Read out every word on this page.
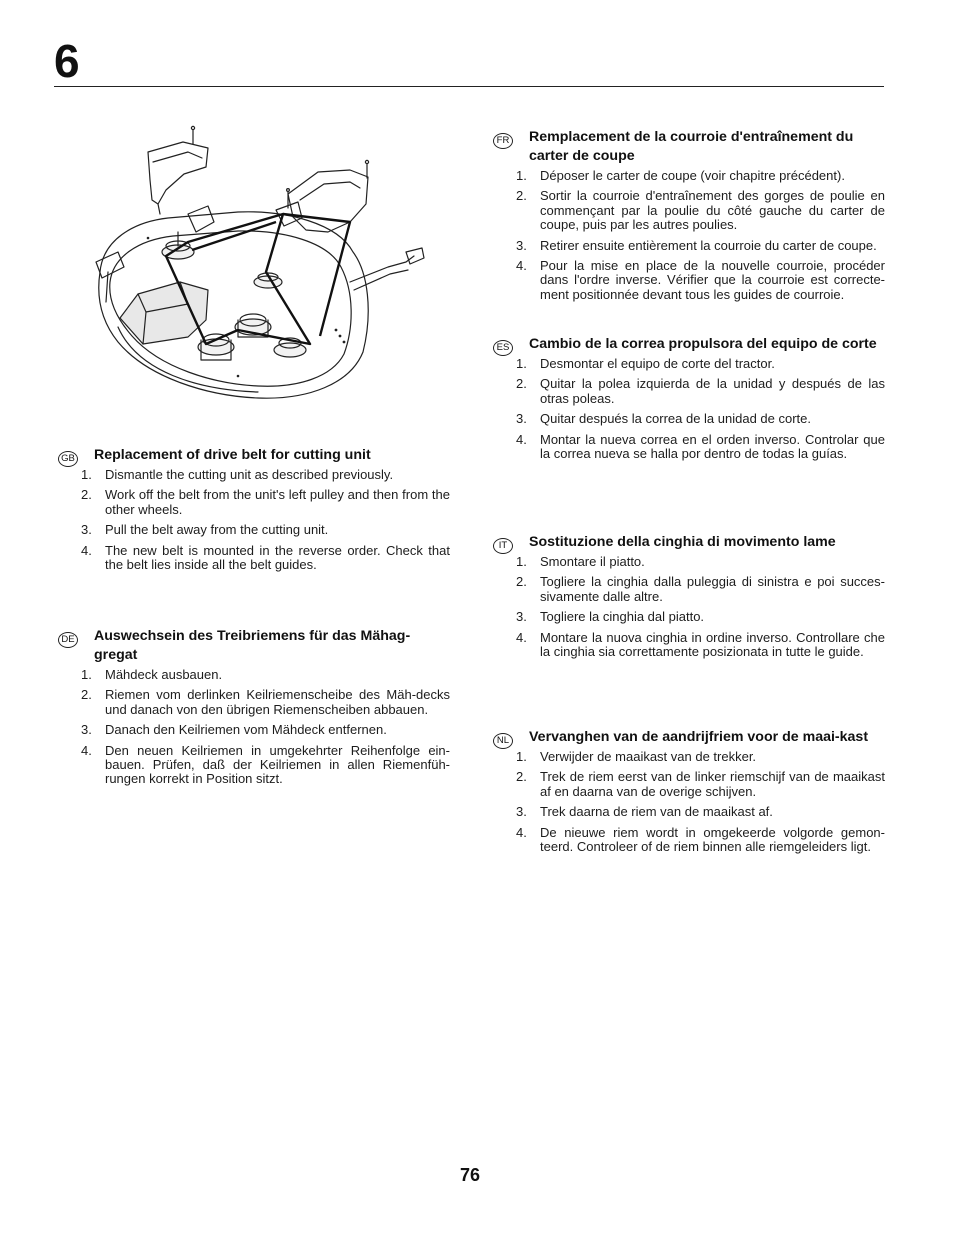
6
GB Replacement of drive belt for cutting unit

1. Dismantle the cutting unit as described previously.
2. Work off the belt from the unit's left pulley and then from the other wheels.
3. Pull the belt away from the cutting unit.
4. The new belt is mounted in the reverse order. Check that the belt lies inside all the belt guides.
DE Auswechsein des Treibriemens für das Mähag-gregat

1. Mähdeck ausbauen.
2. Riemen vom derlinken Keilriemenscheibe des Mäh-decks und danach von den übrigen Riemenscheiben abbauen.
3. Danach den Keilriemen vom Mähdeck entfernen.
4. Den neuen Keilriemen in umgekehrter Reihenfolge ein-bauen. Prüfen, daß der Keilriemen in allen Riemenfüh-rungen korrekt in Position sitzt.
FR Remplacement de la courroie d'entraînement du carter de coupe

1. Déposer le carter de coupe (voir chapitre précédent).
2. Sortir la courroie d'entraînement des gorges de poulie en commençant par la poulie du côté gauche du carter de coupe, puis par les autres poulies.
3. Retirer ensuite entièrement la courroie du carter de coupe.
4. Pour la mise en place de la nouvelle courroie, procéder dans l'ordre inverse. Vérifier que la courroie est correcte-ment positionnée devant tous les guides de courroie.
ES Cambio de la correa propulsora del equipo de corte

1. Desmontar el equipo de corte del tractor.
2. Quitar la polea izquierda de la unidad y después de las otras poleas.
3. Quitar después la correa de la unidad de corte.
4. Montar la nueva correa en el orden inverso. Controlar que la correa nueva se halla por dentro de todas la guías.
IT	Sostituzione della cinghia di movimento lame

1. Smontare il piatto.
2. Togliere la cinghia dalla puleggia di sinistra e poi succes-sivamente dalle altre.
3. Togliere la cinghia dal piatto.
4. Montare la nuova cinghia in ordine inverso. Controllare che la cinghia sia correttamente posizionata in tutte le guide.
NL Vervanghen van de aandrijfriem voor de maai-kast

1. Verwijder de maaikast van de trekker.
2. Trek de riem eerst van de linker riemschijf van de maaikast af en daarna van de overige schijven.
3. Trek daarna de riem van de maaikast af.
4. De nieuwe riem wordt in omgekeerde volgorde gemon-teerd. Controleer of de riem binnen alle riemgeleiders ligt.
76
